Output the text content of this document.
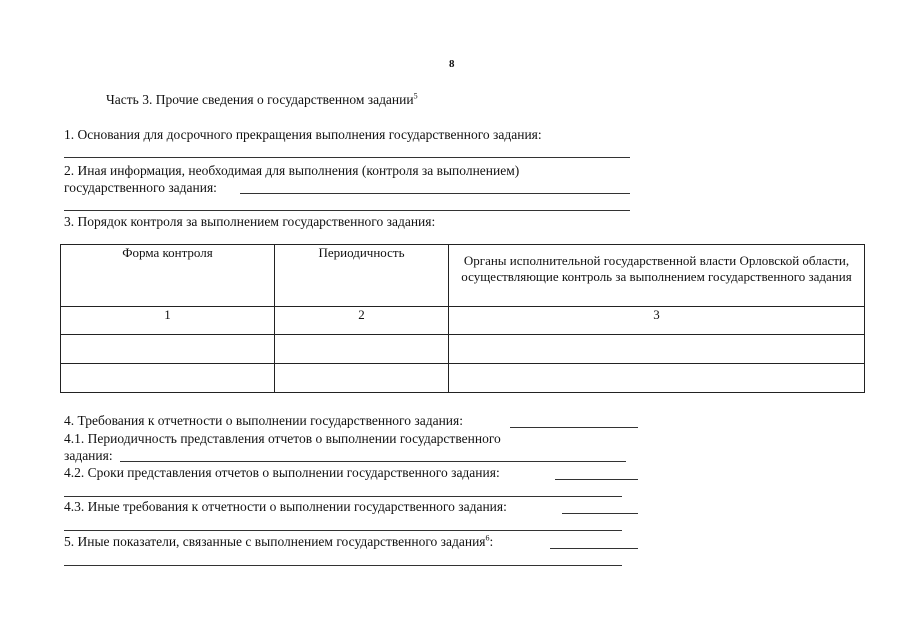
8
Часть 3. Прочие сведения о государственном задании$^5$
1. Основания для досрочного прекращения выполнения государственного задания:
2. Иная информация, необходимая для выполнения (контроля за выполнением)
государственного задания:
3. Порядок контроля за выполнением государственного задания:
Форма контроля	Периодичность	Органы исполнительной государственной власти Орловской области, осуществляющие контроль за выполнением государственного задания
1	2	3

4. Требования к отчетности о выполнении государственного задания:
4.1. Периодичность представления отчетов о выполнении государственного
задания:
4.2. Сроки представления отчетов о выполнении государственного задания:
4.3. Иные требования к отчетности о выполнении государственного задания:
5. Иные показатели, связанные с выполнением государственного задания$^6$:
